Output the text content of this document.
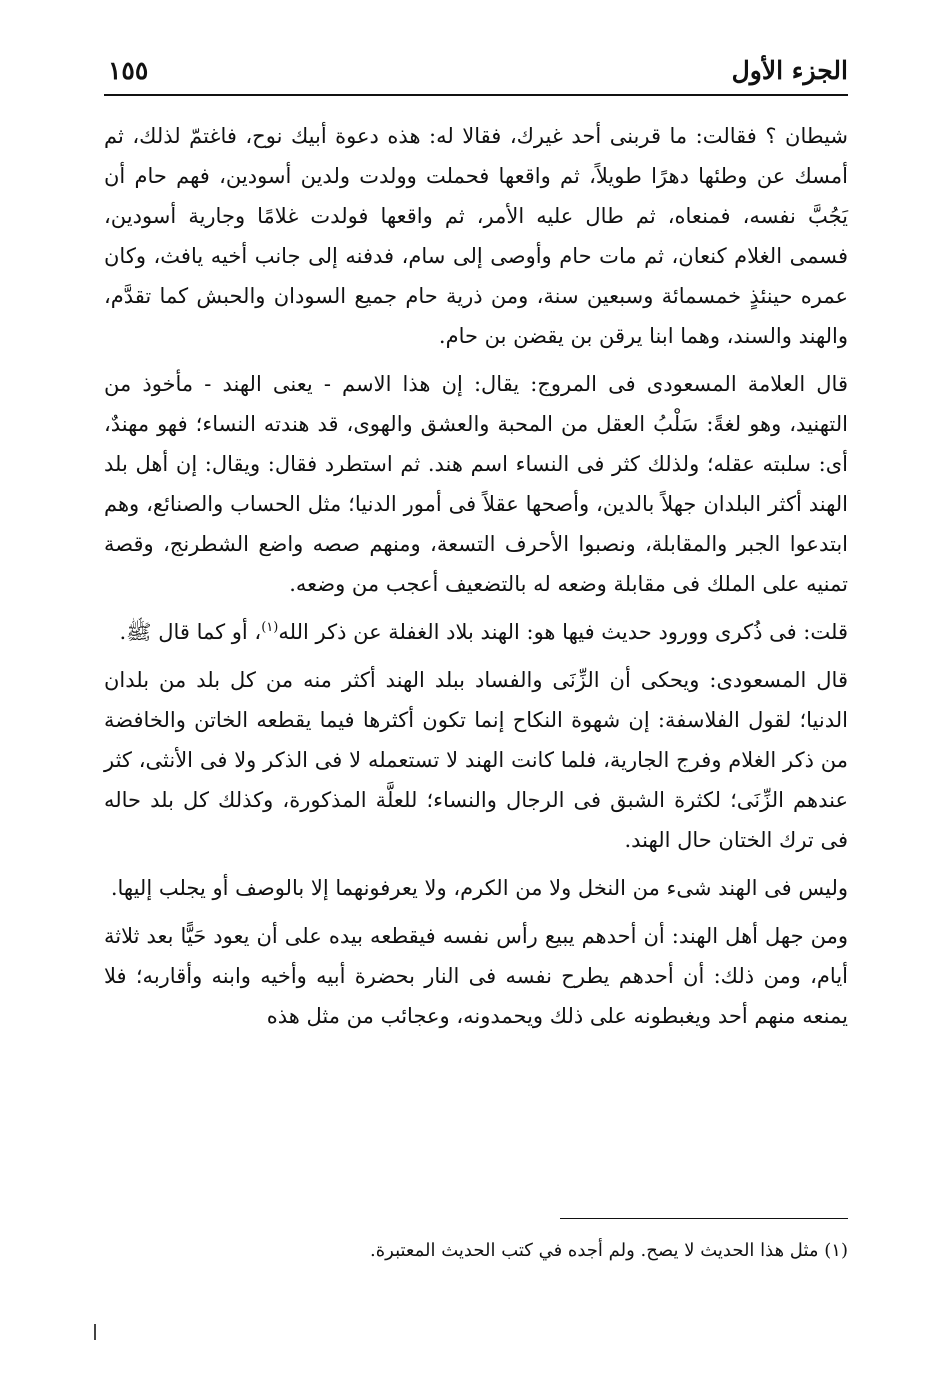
الجزء الأول
١٥٥

شيطان ؟ فقالت: ما قربنى أحد غيرك، فقالا له: هذه دعوة أبيك نوح، فاغتمّ لذلك، ثم أمسك عن وطئها دهرًا طويلاً، ثم واقعها فحملت وولدت ولدين أسودين، فهم حام أن يَجُبَّ نفسه، فمنعاه، ثم طال عليه الأمر، ثم واقعها فولدت غلامًا وجارية أسودين، فسمى الغلام كنعان، ثم مات حام وأوصى إلى سام، فدفنه إلى جانب أخيه يافث، وكان عمره حينئذٍ خمسمائة وسبعين سنة، ومن ذرية حام جميع السودان والحبش كما تقدَّم، والهند والسند، وهما ابنا يرقن بن يقضن بن حام.

قال العلامة المسعودى فى المروج: يقال: إن هذا الاسم - يعنى الهند - مأخوذ من التهنيد، وهو لغةً: سَلْبُ العقل من المحبة والعشق والهوى، قد هندته النساء؛ فهو مهندٌ، أى: سلبته عقله؛ ولذلك كثر فى النساء اسم هند. ثم استطرد فقال: ويقال: إن أهل بلد الهند أكثر البلدان جهلاً بالدين، وأصحها عقلاً فى أمور الدنيا؛ مثل الحساب والصنائع، وهم ابتدعوا الجبر والمقابلة، ونصبوا الأحرف التسعة، ومنهم صصه واضع الشطرنج، وقصة تمنيه على الملك فى مقابلة وضعه له بالتضعيف أعجب من وضعه.

قلت: فى ذُكرى وورود حديث فيها هو: الهند بلاد الغفلة عن ذكر الله$^{(١)}$، أو كما قال ﷺ.

قال المسعودى: ويحكى أن الزِّنَى والفساد ببلد الهند أكثر منه من كل بلد من بلدان الدنيا؛ لقول الفلاسفة: إن شهوة النكاح إنما تكون أكثرها فيما يقطعه الخاتن والخافضة من ذكر الغلام وفرج الجارية، فلما كانت الهند لا تستعمله لا فى الذكر ولا فى الأنثى، كثر عندهم الزِّنَى؛ لكثرة الشبق فى الرجال والنساء؛ للعلَّة المذكورة، وكذلك كل بلد حاله فى ترك الختان حال الهند.

وليس فى الهند شىء من النخل ولا من الكرم، ولا يعرفونهما إلا بالوصف أو يجلب إليها.

ومن جهل أهل الهند: أن أحدهم يبيع رأس نفسه فيقطعه بيده على أن يعود حَيًّا بعد ثلاثة أيام، ومن ذلك: أن أحدهم يطرح نفسه فى النار بحضرة أبيه وأخيه وابنه وأقاربه؛ فلا يمنعه منهم أحد ويغبطونه على ذلك ويحمدونه، وعجائب من مثل هذه

(١) مثل هذا الحديث لا يصح. ولم أجده في كتب الحديث المعتبرة.
